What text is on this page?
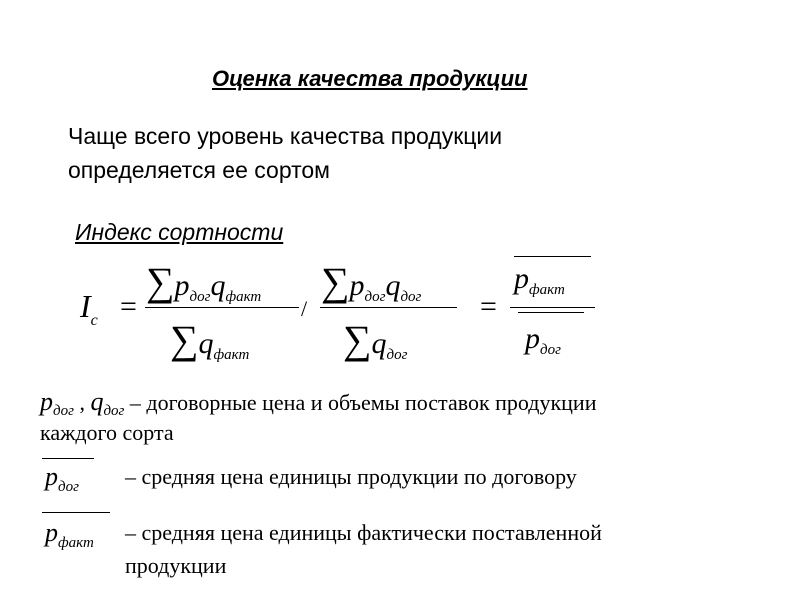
Оценка качества продукции
Чаще всего уровень качества продукции
определяется ее сортом
Индекс сортности
$I_c$ =
$\sum p_{дог}q_{факт}$
$\sum q_{факт}$
/
$\sum p_{дог}q_{дог}$
$\sum q_{дог}$
=
$p_{факт}$
$p_{дог}$
$p_{дог}$ , $q_{дог}$ – договорные цена и объемы поставок продукции
каждого сорта
$p_{дог}$ – средняя цена единицы продукции по договору
$p_{факт}$ – средняя цена единицы фактически поставленной
продукции
